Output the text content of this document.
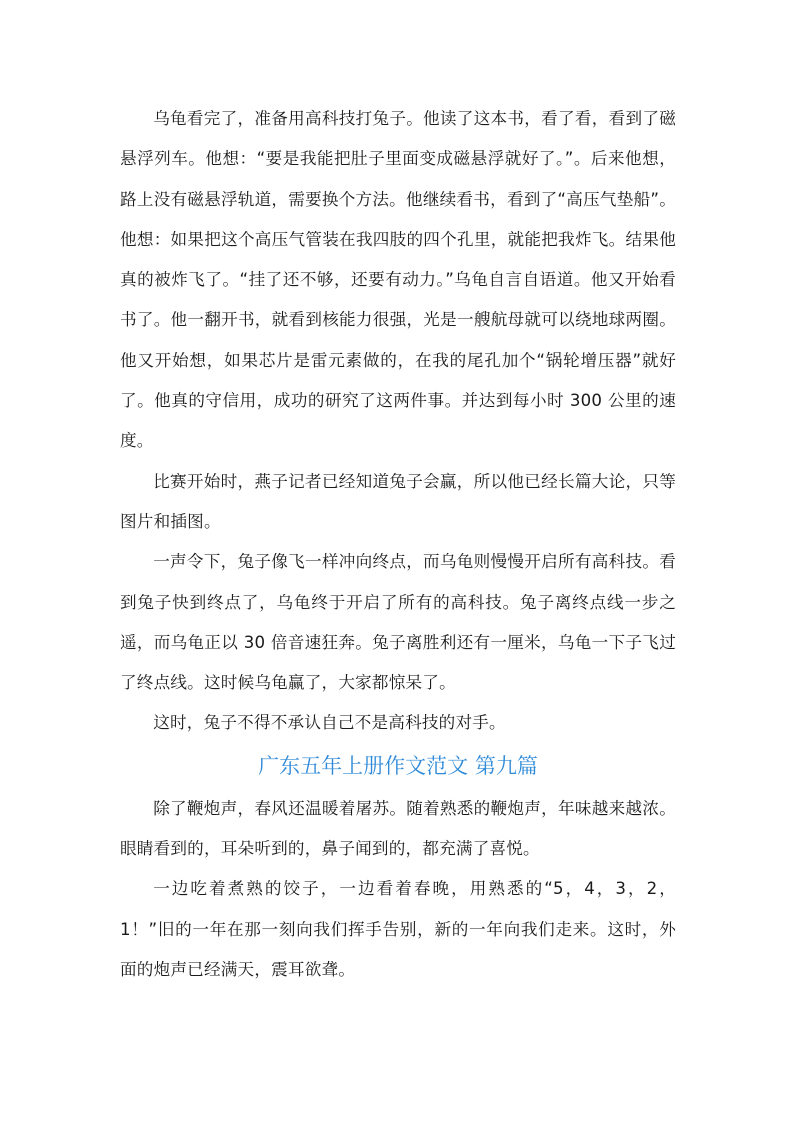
乌龟看完了，准备用高科技打兔子。他读了这本书，看了看，看到了磁悬浮列车。他想：“要是我能把肚子里面变成磁悬浮就好了。”。后来他想，路上没有磁悬浮轨道，需要换个方法。他继续看书，看到了“高压气垫船”。他想：如果把这个高压气管装在我四肢的四个孔里，就能把我炸飞。结果他真的被炸飞了。“挂了还不够，还要有动力。”乌龟自言自语道。他又开始看书了。他一翻开书，就看到核能力很强，光是一艘航母就可以绕地球两圈。他又开始想，如果芯片是雷元素做的，在我的尾孔加个“锅轮增压器”就好了。他真的守信用，成功的研究了这两件事。并达到每小时 300 公里的速度。

比赛开始时，燕子记者已经知道兔子会赢，所以他已经长篇大论，只等图片和插图。

一声令下，兔子像飞一样冲向终点，而乌龟则慢慢开启所有高科技。看到兔子快到终点了，乌龟终于开启了所有的高科技。兔子离终点线一步之遥，而乌龟正以 30 倍音速狂奔。兔子离胜利还有一厘米，乌龟一下子飞过了终点线。这时候乌龟赢了，大家都惊呆了。

这时，兔子不得不承认自己不是高科技的对手。

广东五年上册作文范文 第九篇

除了鞭炮声，春风还温暖着屠苏。随着熟悉的鞭炮声，年味越来越浓。眼睛看到的，耳朵听到的，鼻子闻到的，都充满了喜悦。

一边吃着煮熟的饺子，一边看着春晚，用熟悉的“5，4，3，2，1！”旧的一年在那一刻向我们挥手告别，新的一年向我们走来。这时，外面的炮声已经满天，震耳欲聋。
